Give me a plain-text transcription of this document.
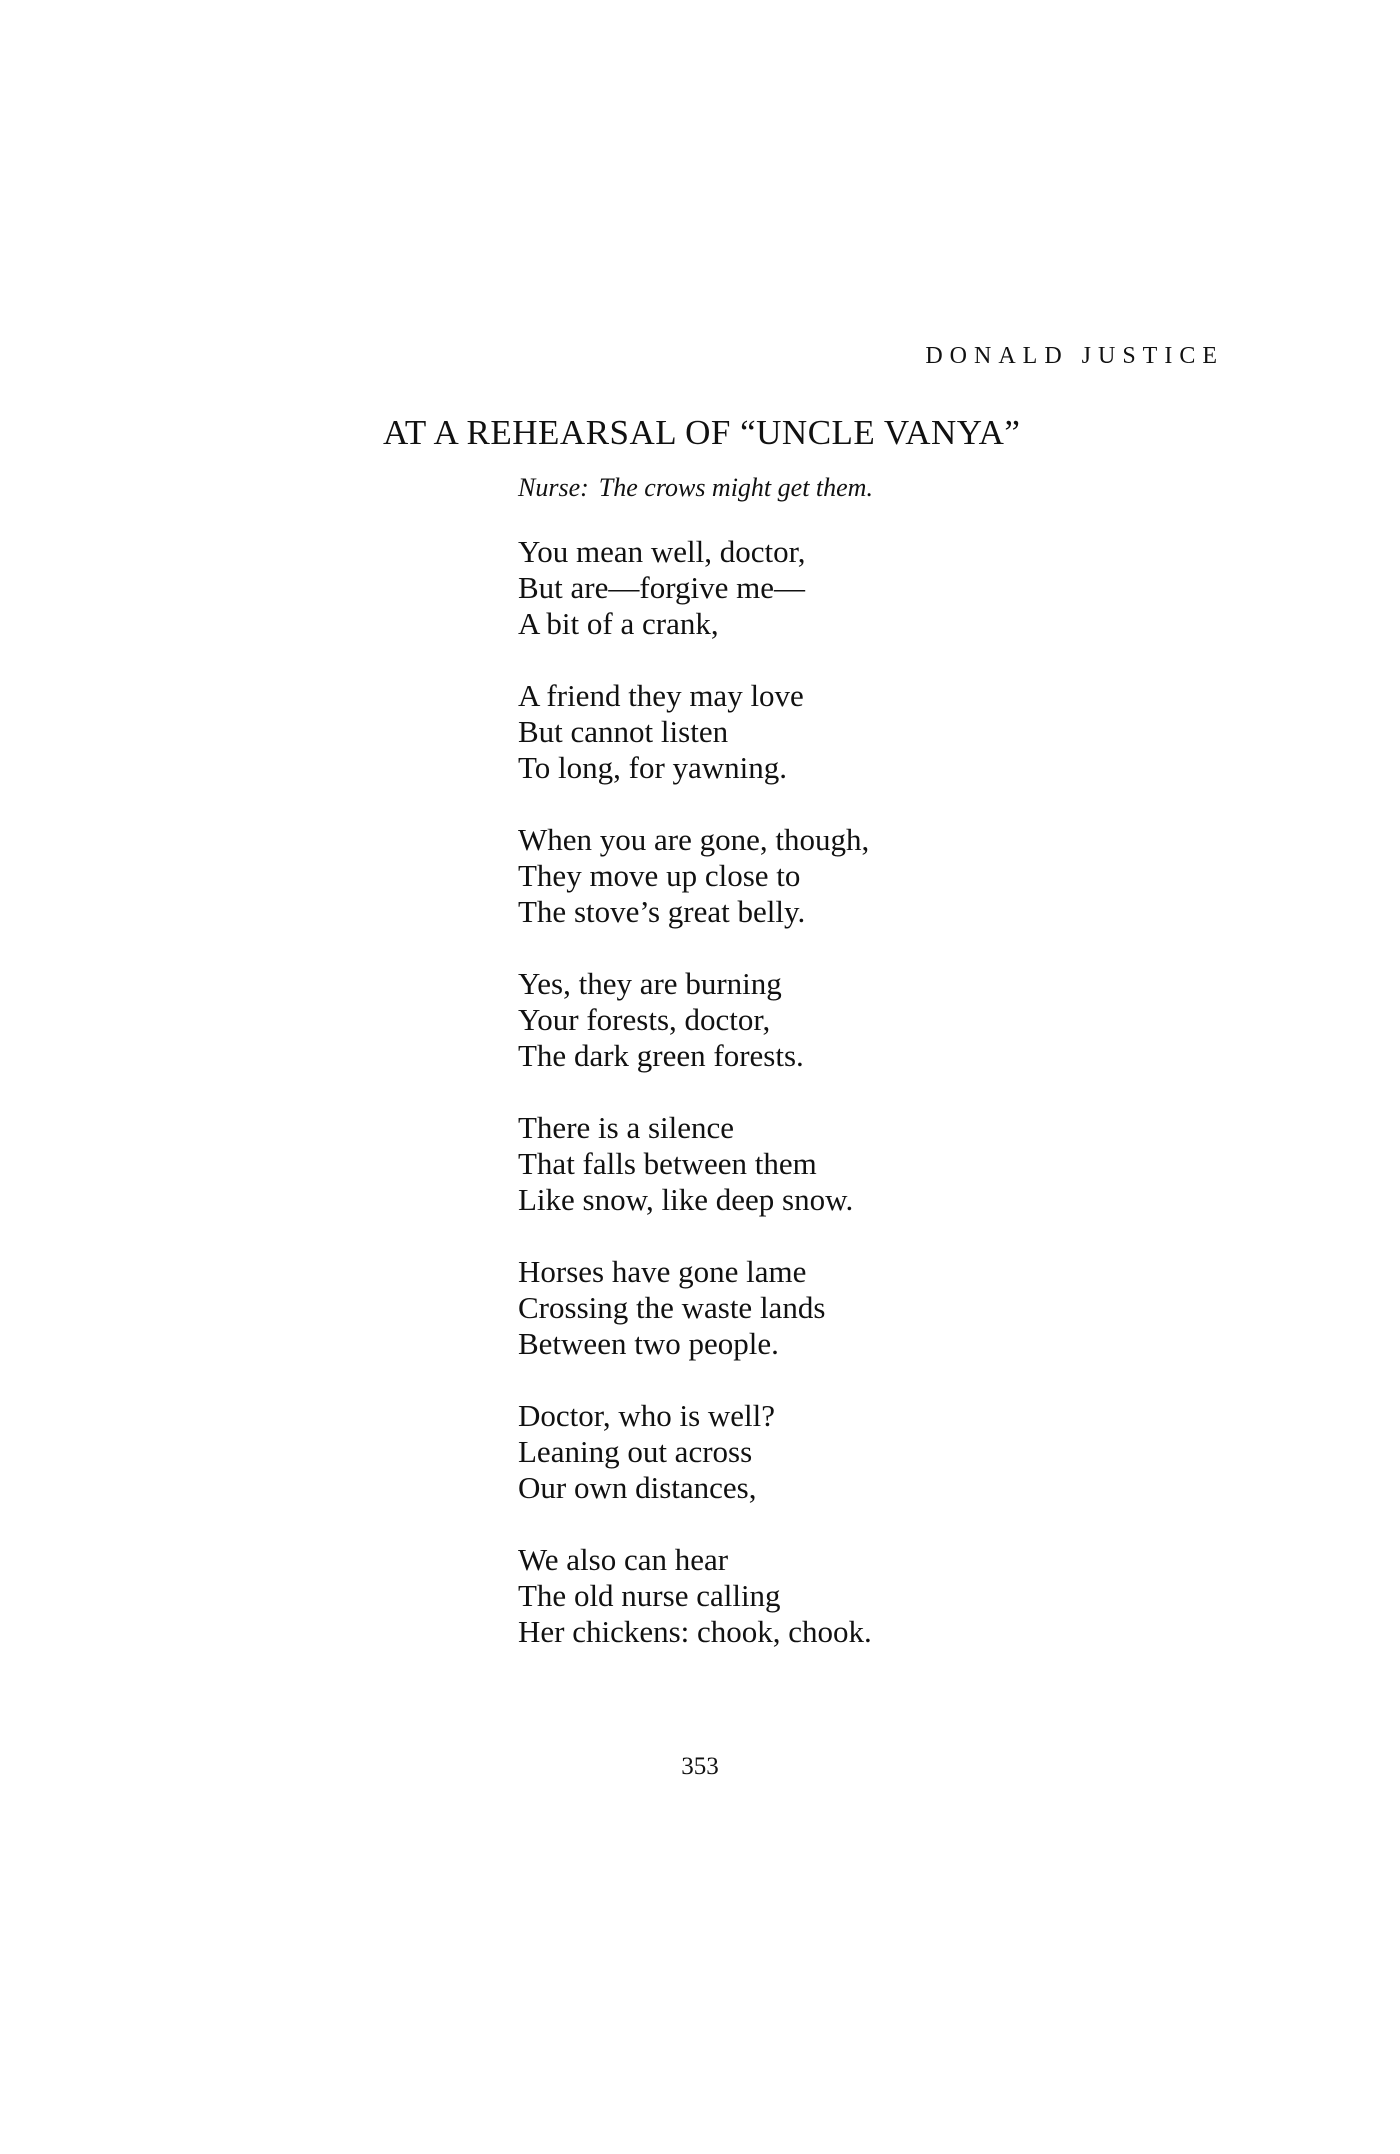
DONALD JUSTICE
AT A REHEARSAL OF “UNCLE VANYA”
Nurse: The crows might get them.
You mean well, doctor,
But are—forgive me—
A bit of a crank,
A friend they may love
But cannot listen
To long, for yawning.
When you are gone, though,
They move up close to
The stove’s great belly.
Yes, they are burning
Your forests, doctor,
The dark green forests.
There is a silence
That falls between them
Like snow, like deep snow.
Horses have gone lame
Crossing the waste lands
Between two people.
Doctor, who is well?
Leaning out across
Our own distances,
We also can hear
The old nurse calling
Her chickens: chook, chook.
353
